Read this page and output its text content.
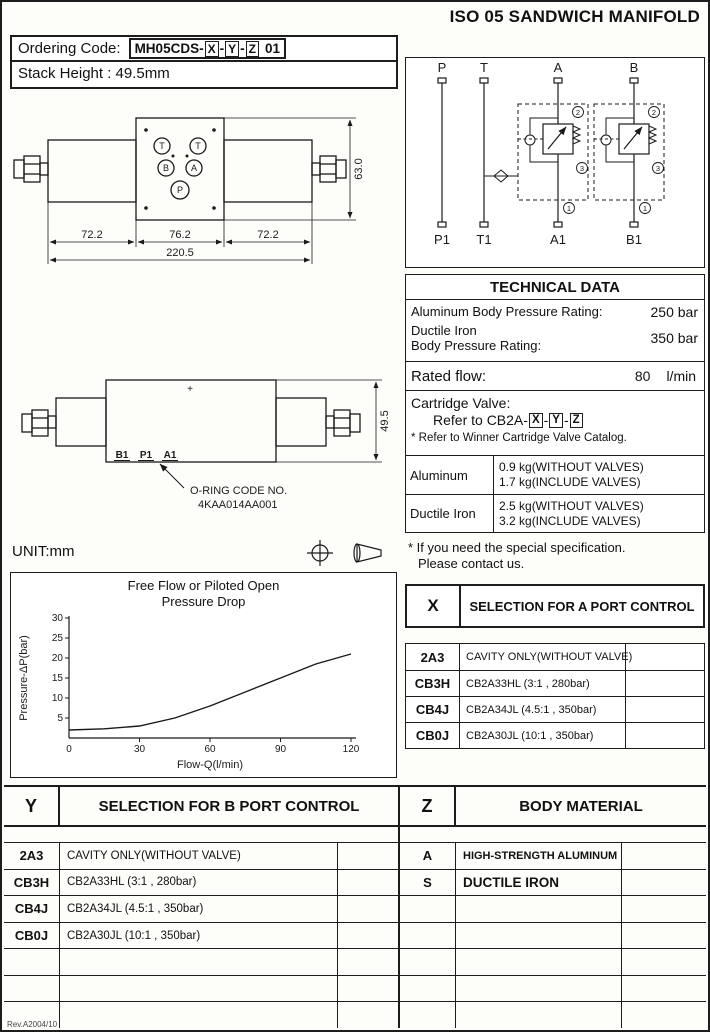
ISO 05 SANDWICH MANIFOLD
Ordering Code: MH05CDS- X - Y - Z 01
Stack Height : 49.5mm	P	T	A	B
2
3
1
2
3
1
P1 T1	A1	B1
T	T
B A
P
72.2	76.2	72.2
220.5
63.0
TECHNICAL DATA
Aluminum Body Pressure Rating:	250 bar
Ductile Iron
Body Pressure Rating:	350 bar
Rated flow:	80 l/min
Cartridge Valve:
Refer to CB2A- X - Y - Z
* Refer to Winner Cartridge Valve Catalog.
Aluminum
0.9 kg(WITHOUT VALVES)
1.7 kg(INCLUDE VALVES)
Ductile Iron
2.5 kg(WITHOUT VALVES)
3.2 kg(INCLUDE VALVES)
* If you need the special specification.
Please contact us.
+
B1 P1 A1
O-RING CODE NO.
4KAA014AA001
49.5
UNIT:mm
Free Flow or Piloted Open
Pressure Drop
5
10
15
20
25
30
0	30	60	90	120
Flow-Q(l/min)
Pressure-ΔP(bar)
X	SELECTION FOR A PORT CONTROL
2A3	CAVITY ONLY(WITHOUT VALVE)
CB3H	CB2A33HL (3:1 , 280bar)
CB4J	CB2A34JL (4.5:1 , 350bar)
CB0J	CB2A30JL (10:1 , 350bar)
Y	SELECTION FOR B PORT CONTROL
2A3	CAVITY ONLY(WITHOUT VALVE)
CB3H	CB2A33HL (3:1 , 280bar)
CB4J	CB2A34JL (4.5:1 , 350bar)
CB0J	CB2A30JL (10:1 , 350bar)
Z	BODY MATERIAL
A	HIGH-STRENGTH ALUMINUM
S	DUCTILE IRON
Rev.A2004/10
